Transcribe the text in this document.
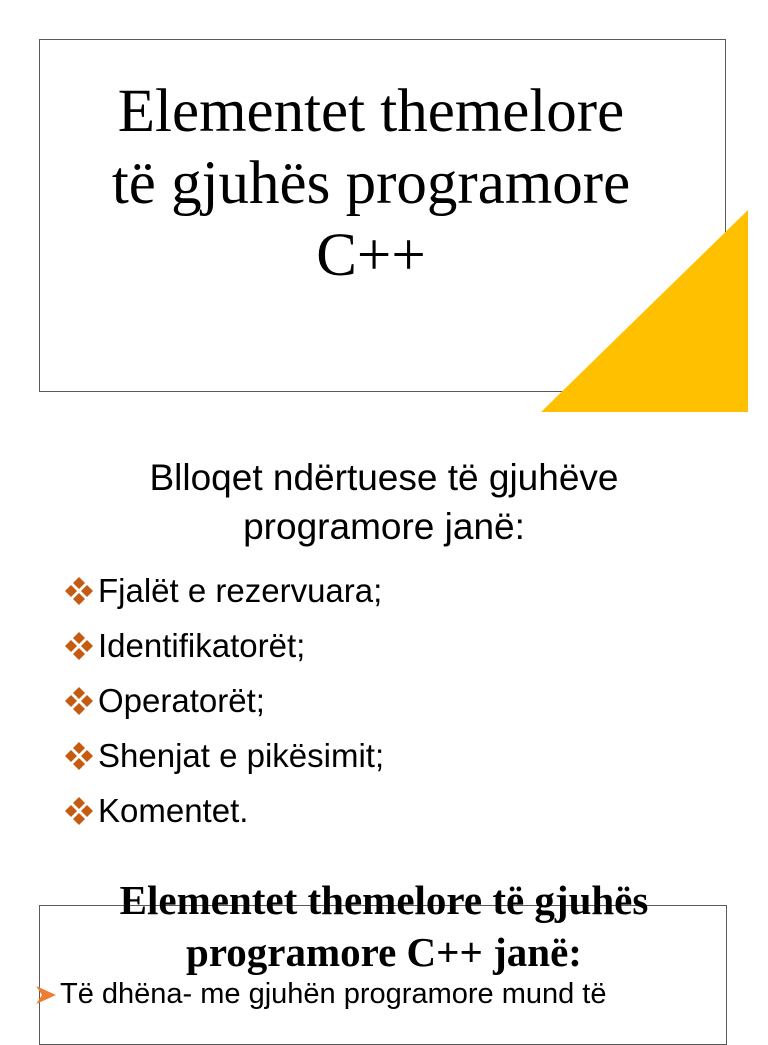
Elementet themelore
të gjuhës programore
C++
Blloqet ndërtuese të gjuhëve
programore janë:
Fjalët e rezervuara;
Identifikatorët;
Operatorët;
Shenjat e pikësimit;
Komentet.
Elementet themelore të gjuhës
programore C++ janë:
Të dhëna- me gjuhën programore mund të
